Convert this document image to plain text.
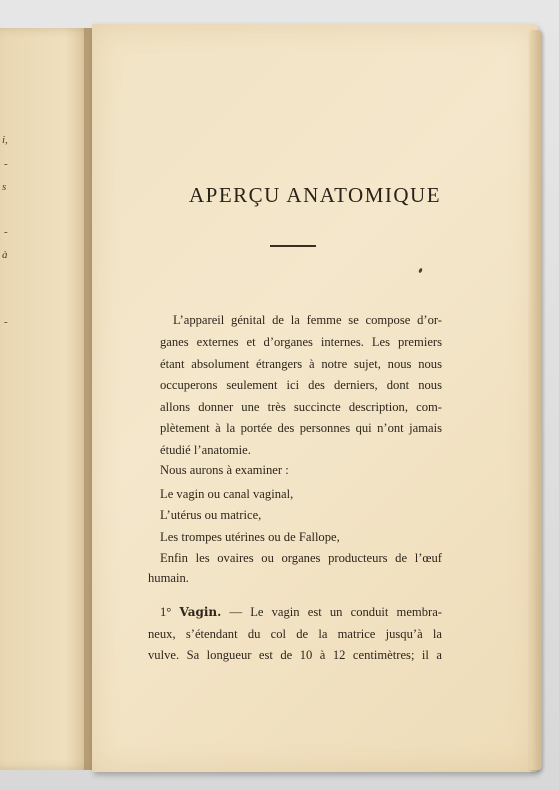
i,
-
s
-
à
-
APERÇU ANATOMIQUE

L’appareil génital de la femme se compose d’or-

ganes externes et d’organes internes. Les premiers

étant absolument étrangers à notre sujet, nous nous

occuperons seulement ici des derniers, dont nous

allons donner une très succincte description, com-

plètement à la portée des personnes qui n’ont jamais

étudié l’anatomie.

Nous aurons à examiner :

Le vagin ou canal vaginal,

L’utérus ou matrice,

Les trompes utérines ou de Fallope,

Enfin les ovaires ou organes producteurs de l’œuf

humain.

1° Vagin. — Le vagin est un conduit membra-

neux, s’étendant du col de la matrice jusqu’à la

vulve. Sa longueur est de 10 à 12 centimètres; il a
